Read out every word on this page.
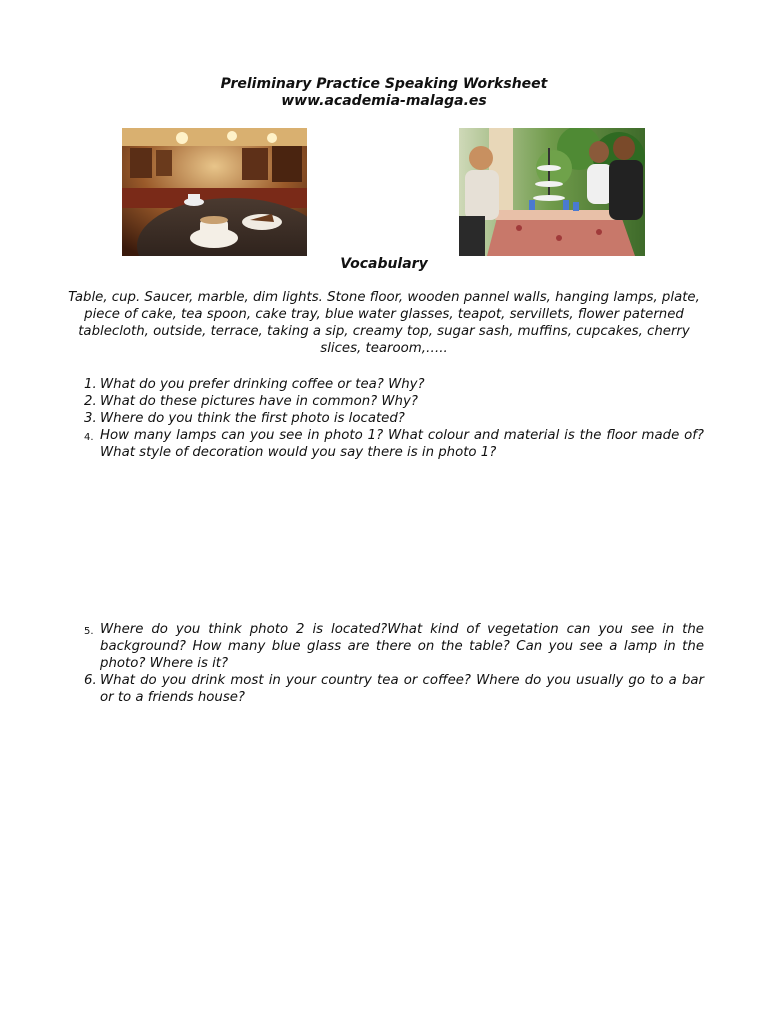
Preliminary Practice Speaking Worksheet
www.academia-malaga.es
Vocabulary
Table, cup. Saucer, marble, dim lights. Stone floor, wooden pannel walls, hanging lamps, plate, piece of cake, tea spoon, cake tray, blue water glasses, teapot, servillets, flower paterned tablecloth, outside, terrace, taking a sip, creamy top, sugar sash, muffins, cupcakes, cherry slices, tearoom,…..
1. What do you prefer drinking coffee or tea? Why?
2. What do these pictures have in common? Why?
3. Where do you think the first photo is located?
4. How many lamps can you see in photo 1? What colour and material is the floor made of? What style of decoration would you say there is in photo 1?
5. Where do you think photo 2 is located?What kind of vegetation can you see in the background? How many blue glass are there on the table? Can you see a lamp in the photo? Where is it?
6. What do you drink most in your country tea or coffee? Where do you usually go to a bar or to a friends house?
